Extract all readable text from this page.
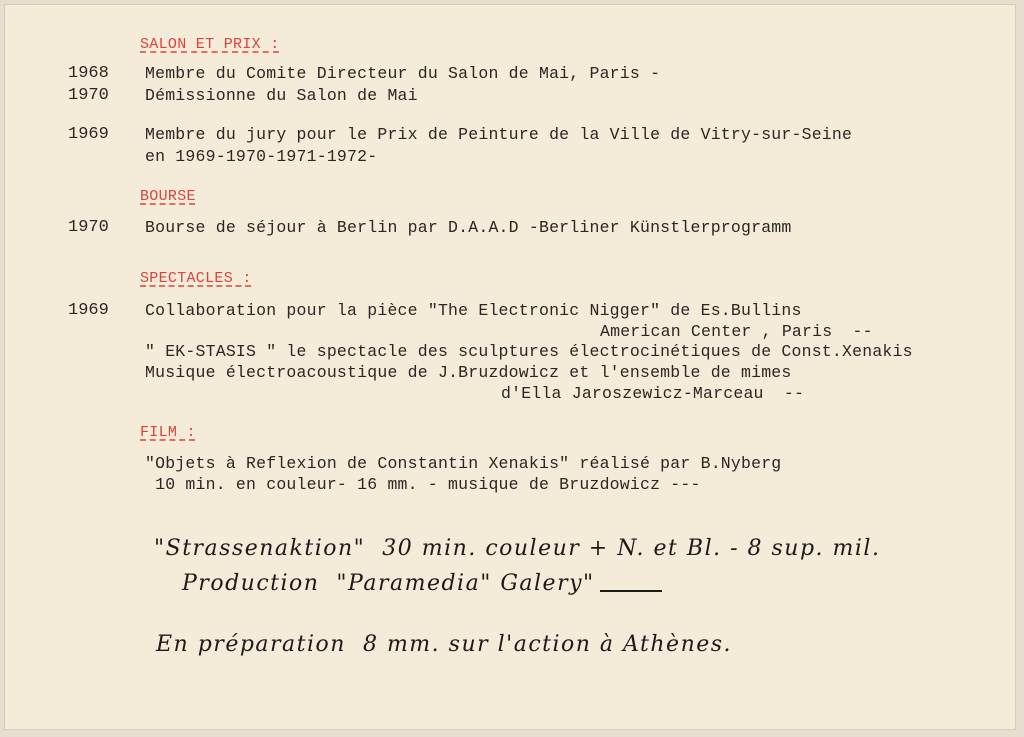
SALON ET PRIX :
1968 Membre du Comite Directeur du Salon de Mai, Paris -
1970 Démissionne du Salon de Mai
1969 Membre du jury pour le Prix de Peinture de la Ville de Vitry-sur-Seine
en 1969-1970-1971-1972-
BOURSE
1970 Bourse de séjour à Berlin par D.A.A.D -Berliner Künstlerprogramm
SPECTACLES :
1969 Collaboration pour la pièce "The Electronic Nigger" de Es.Bullins
American Center , Paris  --
" EK-STASIS " le spectacle des sculptures électrocinétiques de Const.Xenakis
Musique électroacoustique de J.Bruzdowicz et l'ensemble de mimes
d'Ella Jaroszewicz-Marceau  --
FILM :
"Objets à Reflexion de Constantin Xenakis" réalisé par B.Nyberg
10 min. en couleur- 16 mm. - musique de Bruzdowicz ---
"Strassenaktion"  30 min. couleur + N. et Bl. - 8 sup. mil.
Production  "Paramedia" Galery"
En préparation  8 mm. sur l'action à Athènes.
